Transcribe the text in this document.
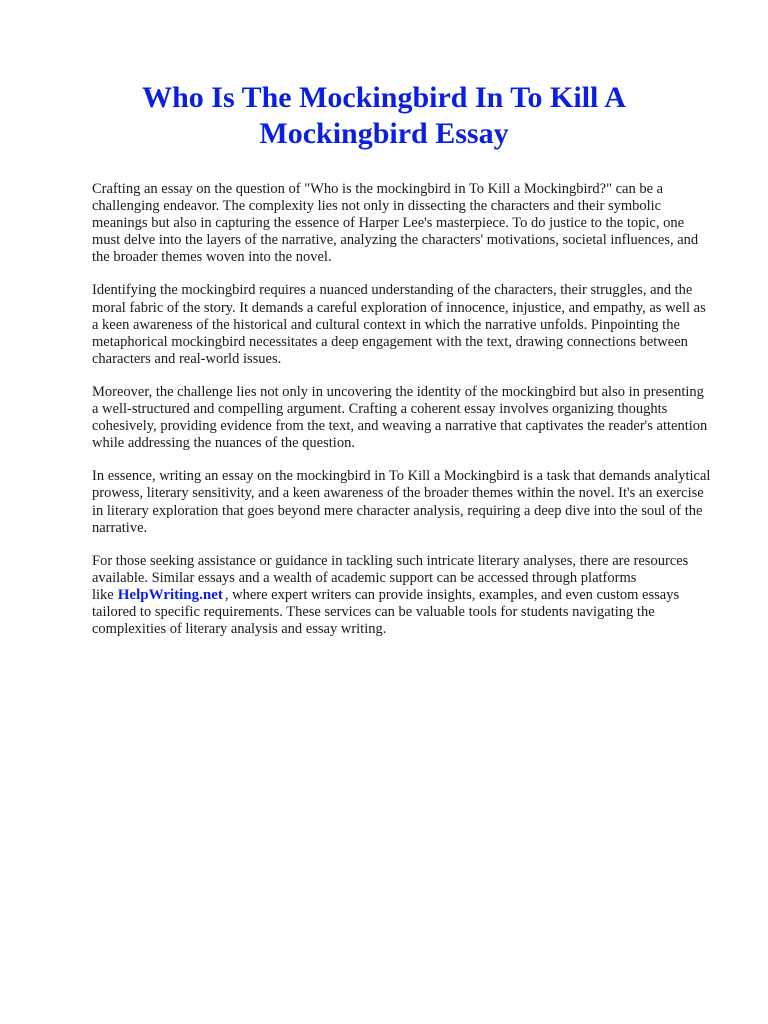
Who Is The Mockingbird In To Kill A
Mockingbird Essay

Crafting an essay on the question of "Who is the mockingbird in To Kill a Mockingbird?" can be a challenging endeavor. The complexity lies not only in dissecting the characters and their symbolic meanings but also in capturing the essence of Harper Lee's masterpiece. To do justice to the topic, one must delve into the layers of the narrative, analyzing the characters' motivations, societal influences, and the broader themes woven into the novel.

Identifying the mockingbird requires a nuanced understanding of the characters, their struggles, and the moral fabric of the story. It demands a careful exploration of innocence, injustice, and empathy, as well as a keen awareness of the historical and cultural context in which the narrative unfolds. Pinpointing the metaphorical mockingbird necessitates a deep engagement with the text, drawing connections between characters and real-world issues.

Moreover, the challenge lies not only in uncovering the identity of the mockingbird but also in presenting a well-structured and compelling argument. Crafting a coherent essay involves organizing thoughts cohesively, providing evidence from the text, and weaving a narrative that captivates the reader's attention while addressing the nuances of the question.

In essence, writing an essay on the mockingbird in To Kill a Mockingbird is a task that demands analytical prowess, literary sensitivity, and a keen awareness of the broader themes within the novel. It's an exercise in literary exploration that goes beyond mere character analysis, requiring a deep dive into the soul of the narrative.

For those seeking assistance or guidance in tackling such intricate literary analyses, there are resources available. Similar essays and a wealth of academic support can be accessed through platforms like HelpWriting.net , where expert writers can provide insights, examples, and even custom essays tailored to specific requirements. These services can be valuable tools for students navigating the complexities of literary analysis and essay writing.
